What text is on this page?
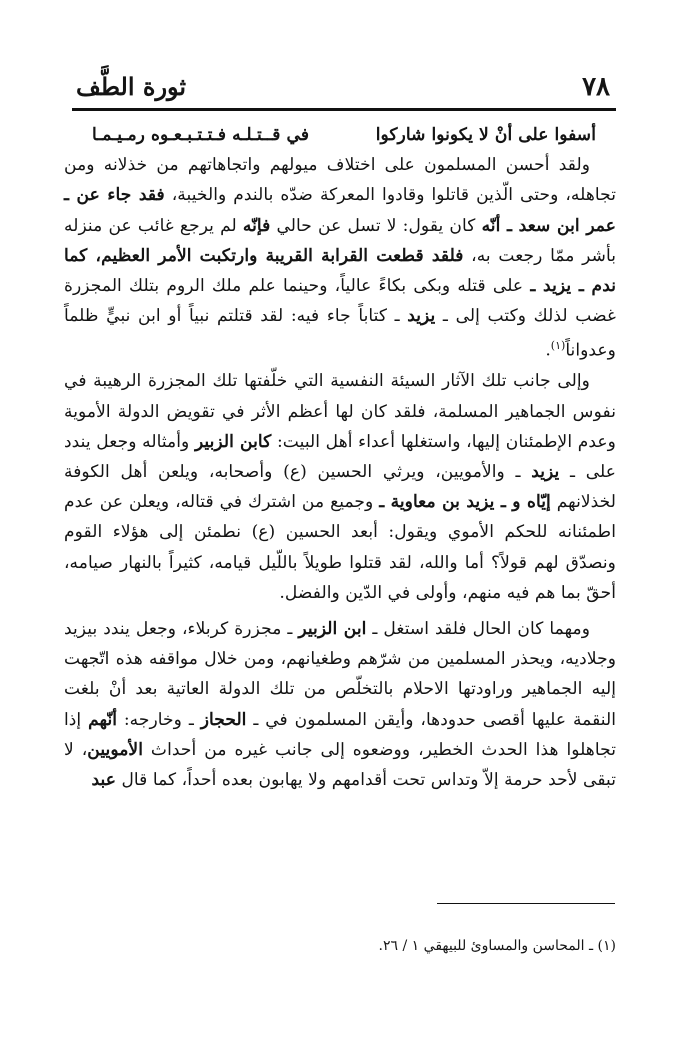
٧٨
ثورة الطَّف

أسفوا على أنْ لا يكونوا شاركوا
في قــتـلـه فـتـتـبـعـوه رمـيـمـا

ولقد أحسن المسلمون على اختلاف ميولهم واتجاهاتهم من خذلانه ومن تجاهله، وحتى الّذين قاتلوا وقادوا المعركة ضدّه بالندم والخيبة، فقد جاء عن ـ عمر ابن سعد ـ أنّه كان يقول: لا تسل عن حالي فإنّه لم يرجع غائب عن منزله بأشر ممّا رجعت به، فلقد قطعت القرابة القريبة وارتكبت الأمر العظيم، كما ندم ـ يزيد ـ على قتله وبكى بكاءً عالياً، وحينما علم ملك الروم بتلك المجزرة غضب لذلك وكتب إلى ـ يزيد ـ كتاباً جاء فيه: لقد قتلتم نبياً أو ابن نبيٍّ ظلماً وعدواناً$^{(١)}$.

وإلى جانب تلك الآثار السيئة النفسية التي خلّفتها تلك المجزرة الرهيبة في نفوس الجماهير المسلمة، فلقد كان لها أعظم الأثر في تقويض الدولة الأموية وعدم الإطمئنان إليها، واستغلها أعداء أهل البيت: كابن الزبير وأمثاله وجعل يندد على ـ يزيد ـ والأمويين، ويرثي الحسين (ع) وأصحابه، ويلعن أهل الكوفة لخذلانهم إيّاه و ـ يزيد بن معاوية ـ وجميع من اشترك في قتاله، ويعلن عن عدم اطمئنانه للحكم الأموي ويقول: أبعد الحسين (ع) نطمئن إلى هؤلاء القوم ونصدّق لهم قولاً؟ أما والله، لقد قتلوا طويلاً باللّيل قيامه، كثيراً بالنهار صيامه، أحقّ بما هم فيه منهم، وأولى في الدّين والفضل.

ومهما كان الحال فلقد استغل ـ ابن الزبير ـ مجزرة كربلاء، وجعل يندد بيزيد وجلاديه، ويحذر المسلمين من شرّهم وطغيانهم، ومن خلال مواقفه هذه اتّجهت إليه الجماهير وراودتها الاحلام بالتخلّص من تلك الدولة العاتية بعد أنْ بلغت النقمة عليها أقصى حدودها، وأيقن المسلمون في ـ الحجاز ـ وخارجه: أنّهم إذا تجاهلوا هذا الحدث الخطير، ووضعوه إلى جانب غيره من أحداث الأمويين، لا تبقى لأحد حرمة إلاّ وتداس تحت أقدامهم ولا يهابون بعده أحداً، كما قال عبد

(١) ـ المحاسن والمساوئ للبيهقي ١ / ٢٦.
